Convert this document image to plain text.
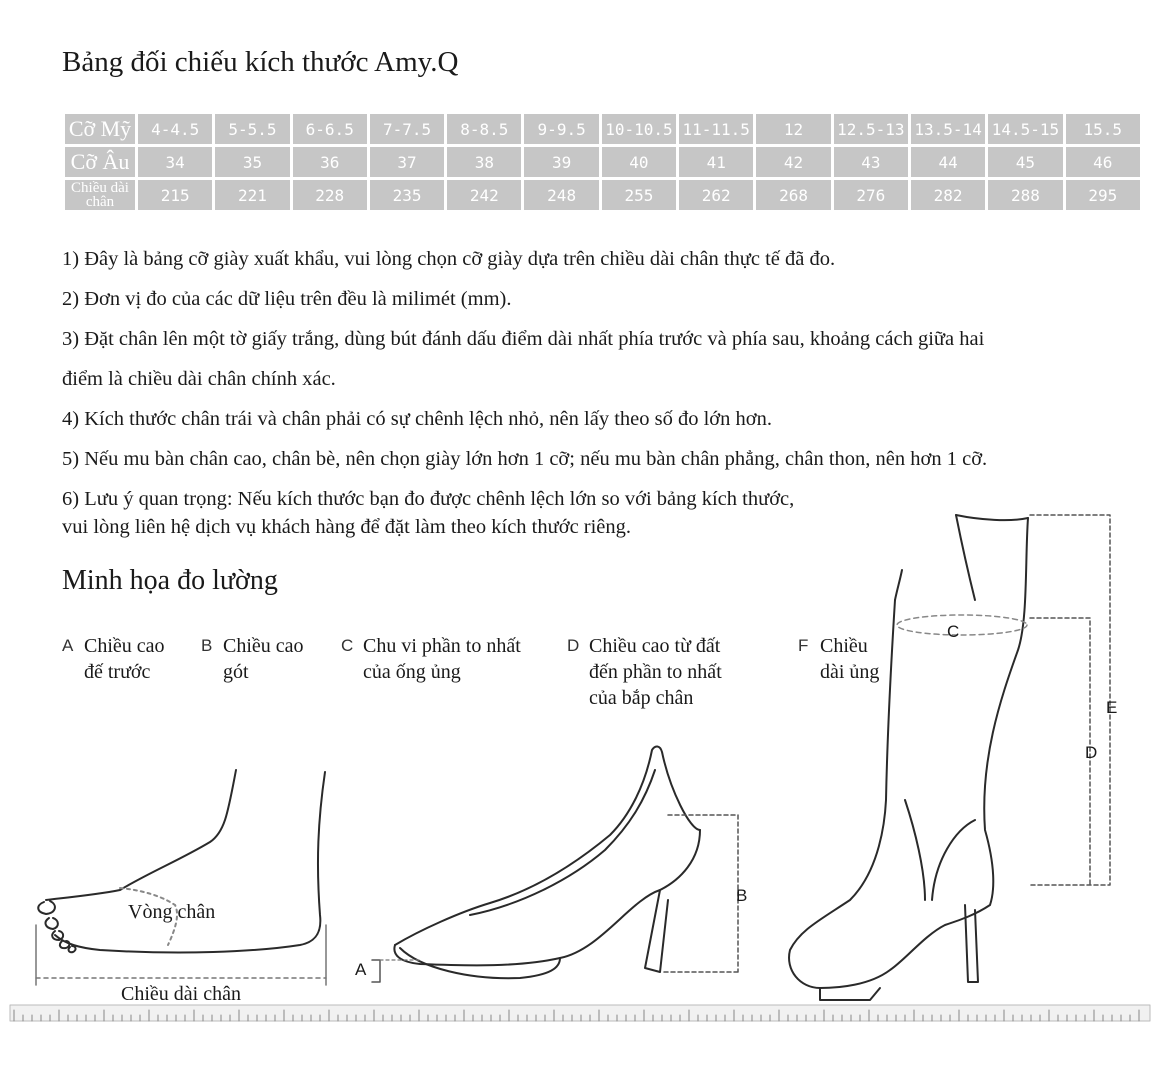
Bảng đối chiếu kích thước Amy.Q
Cỡ Mỹ	4-4.5	5-5.5	6-6.5	7-7.5	8-8.5	9-9.5	10-10.5	11-11.5	12	12.5-13	13.5-14	14.5-15	15.5
Cỡ Âu	34	35	36	37	38	39	40	41	42	43	44	45	46
Chiều dài chân	215	221	228	235	242	248	255	262	268	276	282	288	295
1) Đây là bảng cỡ giày xuất khẩu, vui lòng chọn cỡ giày dựa trên chiều dài chân thực tế đã đo.
2) Đơn vị đo của các dữ liệu trên đều là milimét (mm).
3) Đặt chân lên một tờ giấy trắng, dùng bút đánh dấu điểm dài nhất phía trước và phía sau, khoảng cách giữa hai
điểm là chiều dài chân chính xác.
4) Kích thước chân trái và chân phải có sự chênh lệch nhỏ, nên lấy theo số đo lớn hơn.
5) Nếu mu bàn chân cao, chân bè, nên chọn giày lớn hơn 1 cỡ; nếu mu bàn chân phẳng, chân thon, nên hơn 1 cỡ.
6) Lưu ý quan trọng: Nếu kích thước bạn đo được chênh lệch lớn so với bảng kích thước,
vui lòng liên hệ dịch vụ khách hàng để đặt làm theo kích thước riêng.
Minh họa đo lường
A Chiều cao
đế trước
B Chiều cao
gót
C Chu vi phần to nhất
của ống ủng
D Chiều cao từ đất
đến phần to nhất
của bắp chân
F Chiều
dài ủng
Vòng chân
Chiều dài chân
A
B
C
D
E
